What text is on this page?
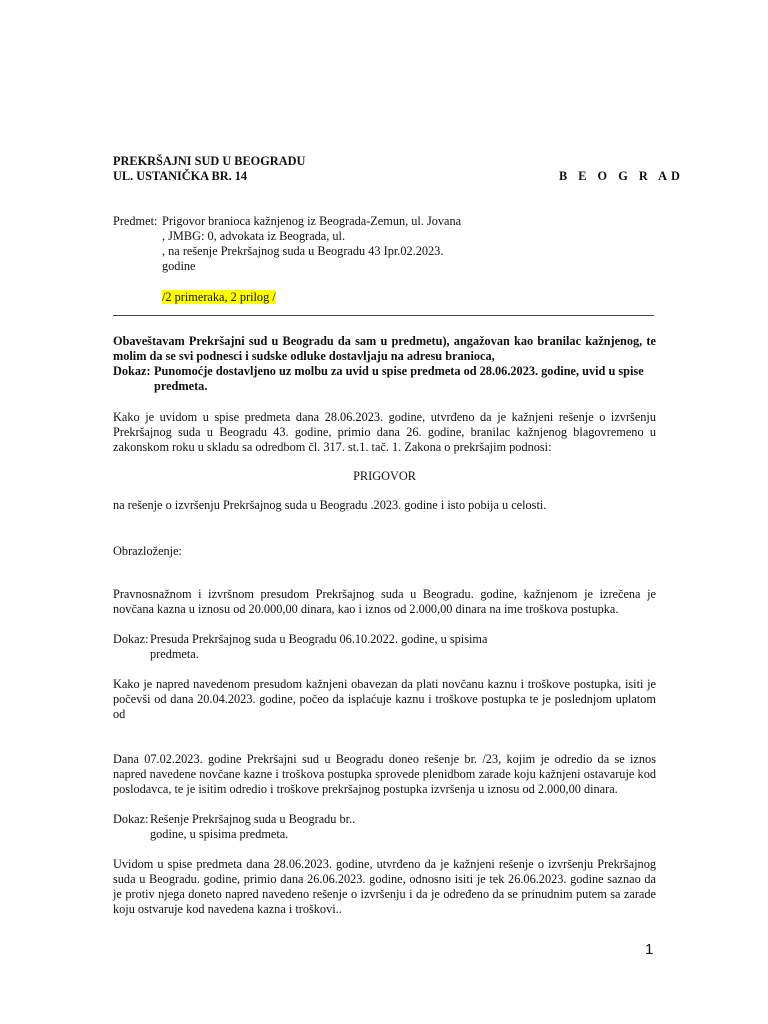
PREKRŠAJNI SUD U BEOGRADU
UL. USTANIČKA BR. 14	B E O G R AD
Predmet: Prigovor branioca kažnjenog iz Beograda-Zemun, ul. Jovana
, JMBG: 0, advokata iz Beograda, ul.
, na rešenje Prekršajnog suda u Beogradu 43 Ipr.02.2023.
godine
/2 primeraka, 2 prilog /
Obaveštavam Prekršajni sud u Beogradu da sam u predmetu), angažovan kao branilac kažnjenog, te molim da se svi podnesci i sudske odluke dostavljaju na adresu branioca,
Dokaz: Punomoćje dostavljeno uz molbu za uvid u spise predmeta od 28.06.2023. godine, uvid u spise
predmeta.
Kako je uvidom u spise predmeta dana 28.06.2023. godine, utvrđeno da je kažnjeni rešenje o izvršenju Prekršajnog suda u Beogradu 43. godine, primio dana 26. godine, branilac kažnjenog blagovremeno u zakonskom roku u skladu sa odredbom čl. 317. st.1. tač. 1. Zakona o prekršajim podnosi:
PRIGOVOR
na rešenje o izvršenju Prekršajnog suda u Beogradu .2023. godine i isto pobija u celosti.
Obrazloženje:
Pravnosnažnom i izvršnom presudom Prekršajnog suda u Beogradu. godine, kažnjenom je izrečena je novčana kazna u iznosu od 20.000,00 dinara, kao i iznos od 2.000,00 dinara na ime troškova postupka.
Dokaz: Presuda Prekršajnog suda u Beogradu 06.10.2022. godine, u spisima
predmeta.
Kako je napred navedenom presudom kažnjeni obavezan da plati novčanu kaznu i troškove postupka, isiti je počevši od dana 20.04.2023. godine, počeo da isplaćuje kaznu i troškove postupka te je poslednjom uplatom od
Dana 07.02.2023. godine Prekršajni sud u Beogradu doneo rešenje br. /23, kojim je odredio da se iznos napred navedene novčane kazne i troškova postupka sprovede plenidbom zarade koju kažnjeni ostavaruje kod poslodavca, te je isitim odredio i troškove prekršajnog postupka izvršenja u iznosu od 2.000,00 dinara.
Dokaz: Rešenje Prekršajnog suda u Beogradu br..
godine, u spisima predmeta.
Uvidom u spise predmeta dana 28.06.2023. godine, utvrđeno da je kažnjeni rešenje o izvršenju Prekršajnog suda u Beogradu. godine, primio dana 26.06.2023. godine, odnosno isiti je tek 26.06.2023. godine saznao da je protiv njega doneto napred navedeno rešenje o izvršenju i da je određeno da se prinudnim putem sa zarade koju ostvaruje kod navedena kazna i troškovi..
1
